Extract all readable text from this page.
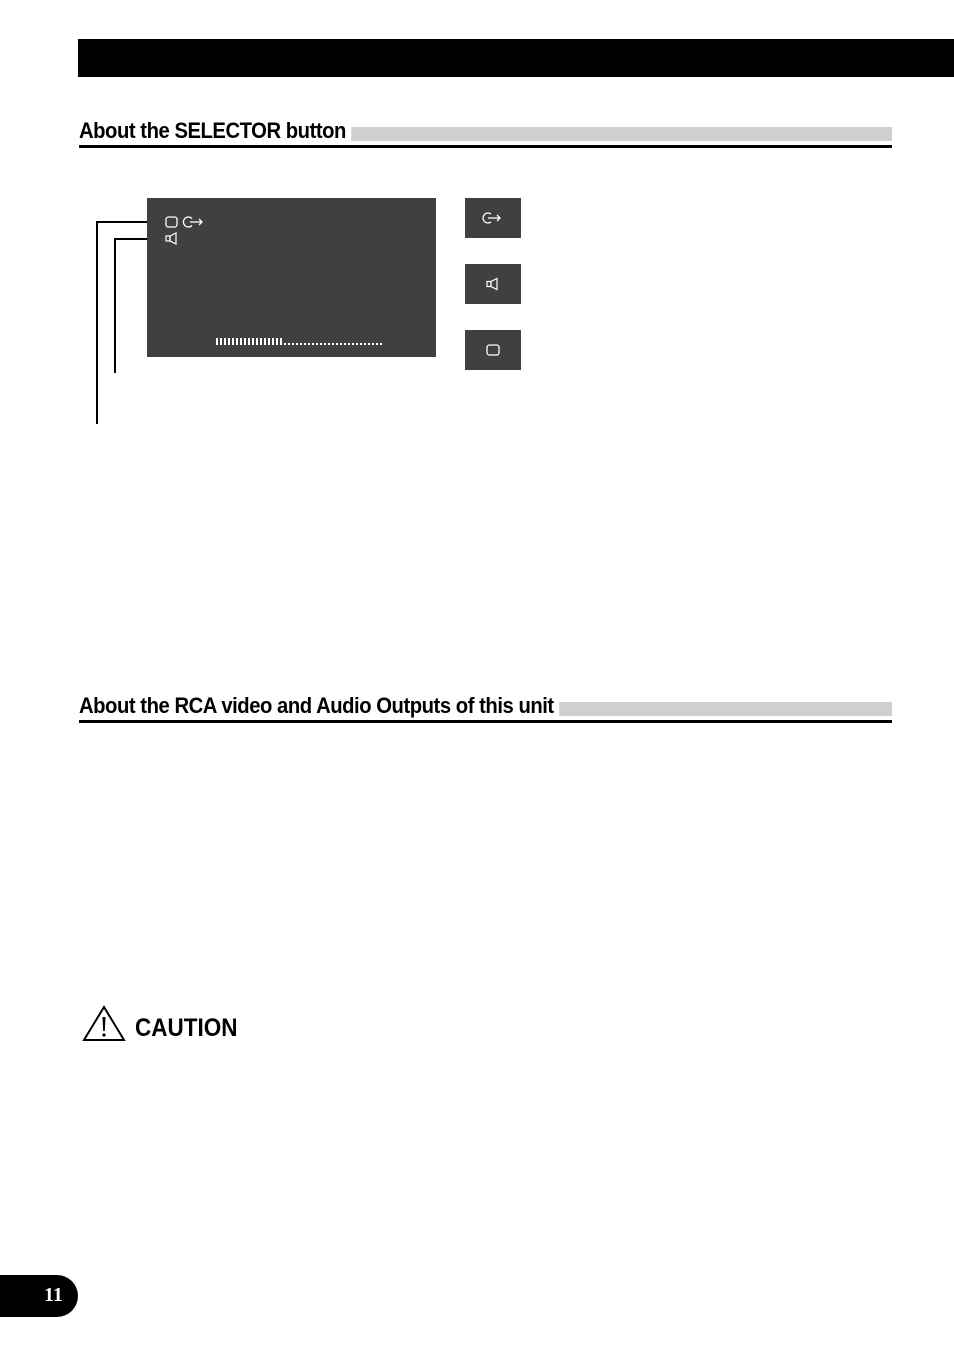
About the SELECTOR button
About the RCA video and Audio Outputs of this unit
CAUTION
11
